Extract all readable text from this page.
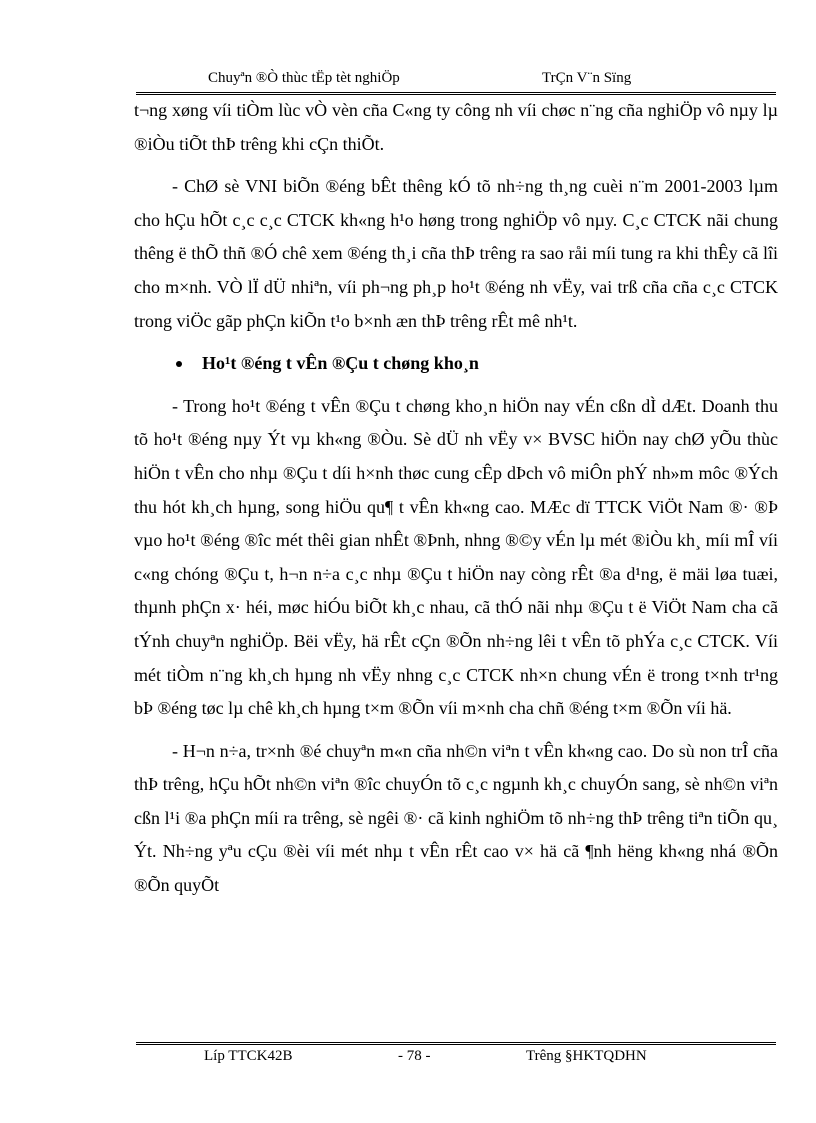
Chuyªn ®Ò thùc tËp tèt nghiÖp	TrÇn V¨n Sïng

t¬ng xøng víi tiÒm lùc vÒ vèn cña C«ng ty công nh víi chøc n¨ng cña nghiÖp vô nµy lµ ®iÒu tiÕt thÞ trêng khi cÇn thiÕt.

- ChØ sè VNI biÕn ®éng bÊt thêng kÓ tõ nh÷ng th¸ng cuèi n¨m 2001-2003 lµm cho hÇu hÕt c¸c c¸c CTCK kh«ng h¹o høng trong nghiÖp vô nµy. C¸c CTCK nãi chung thêng ë thÕ thñ ®Ó chê xem ®éng th¸i cña thÞ trêng ra sao råi míi tung ra khi thÊy cã lîi cho m×nh. VÒ lÏ dÜ nhiªn, víi ph¬ng ph¸p ho¹t ®éng nh vËy, vai trß cña cña c¸c CTCK trong viÖc gãp phÇn kiÕn t¹o b×nh æn thÞ trêng rÊt mê nh¹t.

Ho¹t ®éng t vÊn ®Çu t chøng kho¸n

- Trong ho¹t ®éng t vÊn ®Çu t chøng kho¸n hiÖn nay vÉn cßn dÌ dÆt. Doanh thu tõ ho¹t ®éng nµy Ýt vµ kh«ng ®Òu. Sè dÜ nh vËy v× BVSC hiÖn nay chØ yÕu thùc hiÖn t vÊn cho nhµ ®Çu t díi h×nh thøc cung cÊp dÞch vô miÔn phÝ nh»m môc ®Ých thu hót kh¸ch hµng, song hiÖu qu¶ t vÊn kh«ng cao. MÆc dï TTCK ViÖt Nam ®· ®Þ vµo ho¹t ®éng ®îc mét thêi gian nhÊt ®Þnh, nhng ®©y vÉn lµ mét ®iÒu kh¸ míi mÎ víi c«ng chóng ®Çu t, h¬n n÷a c¸c nhµ ®Çu t hiÖn nay còng rÊt ®a d¹ng, ë mäi løa tuæi, thµnh phÇn x· héi, møc hiÓu biÕt kh¸c nhau, cã thÓ nãi nhµ ®Çu t ë ViÖt Nam cha cã tÝnh chuyªn nghiÖp. Bëi vËy, hä rÊt cÇn ®Õn nh÷ng lêi t vÊn tõ phÝa c¸c CTCK. Víi mét tiÒm n¨ng kh¸ch hµng nh vËy nhng c¸c CTCK nh×n chung vÉn ë trong t×nh tr¹ng bÞ ®éng tøc lµ chê kh¸ch hµng t×m ®Õn víi m×nh cha chñ ®éng t×m ®Õn víi hä.

- H¬n n÷a, tr×nh ®é chuyªn m«n cña nh©n viªn t vÊn kh«ng cao. Do sù non trÎ cña thÞ trêng, hÇu hÕt nh©n viªn ®îc chuyÓn tõ c¸c ngµnh kh¸c chuyÓn sang, sè nh©n viªn cßn l¹i ®a phÇn míi ra trêng, sè ngêi ®· cã kinh nghiÖm tõ nh÷ng thÞ trêng tiªn tiÕn qu¸ Ýt. Nh÷ng yªu cÇu ®èi víi mét nhµ t vÊn rÊt cao v× hä cã ¶nh hëng kh«ng nhá ®Õn ®Õn quyÕt

Líp TTCK42B	- 78 -	Trêng §HKTQDHN
